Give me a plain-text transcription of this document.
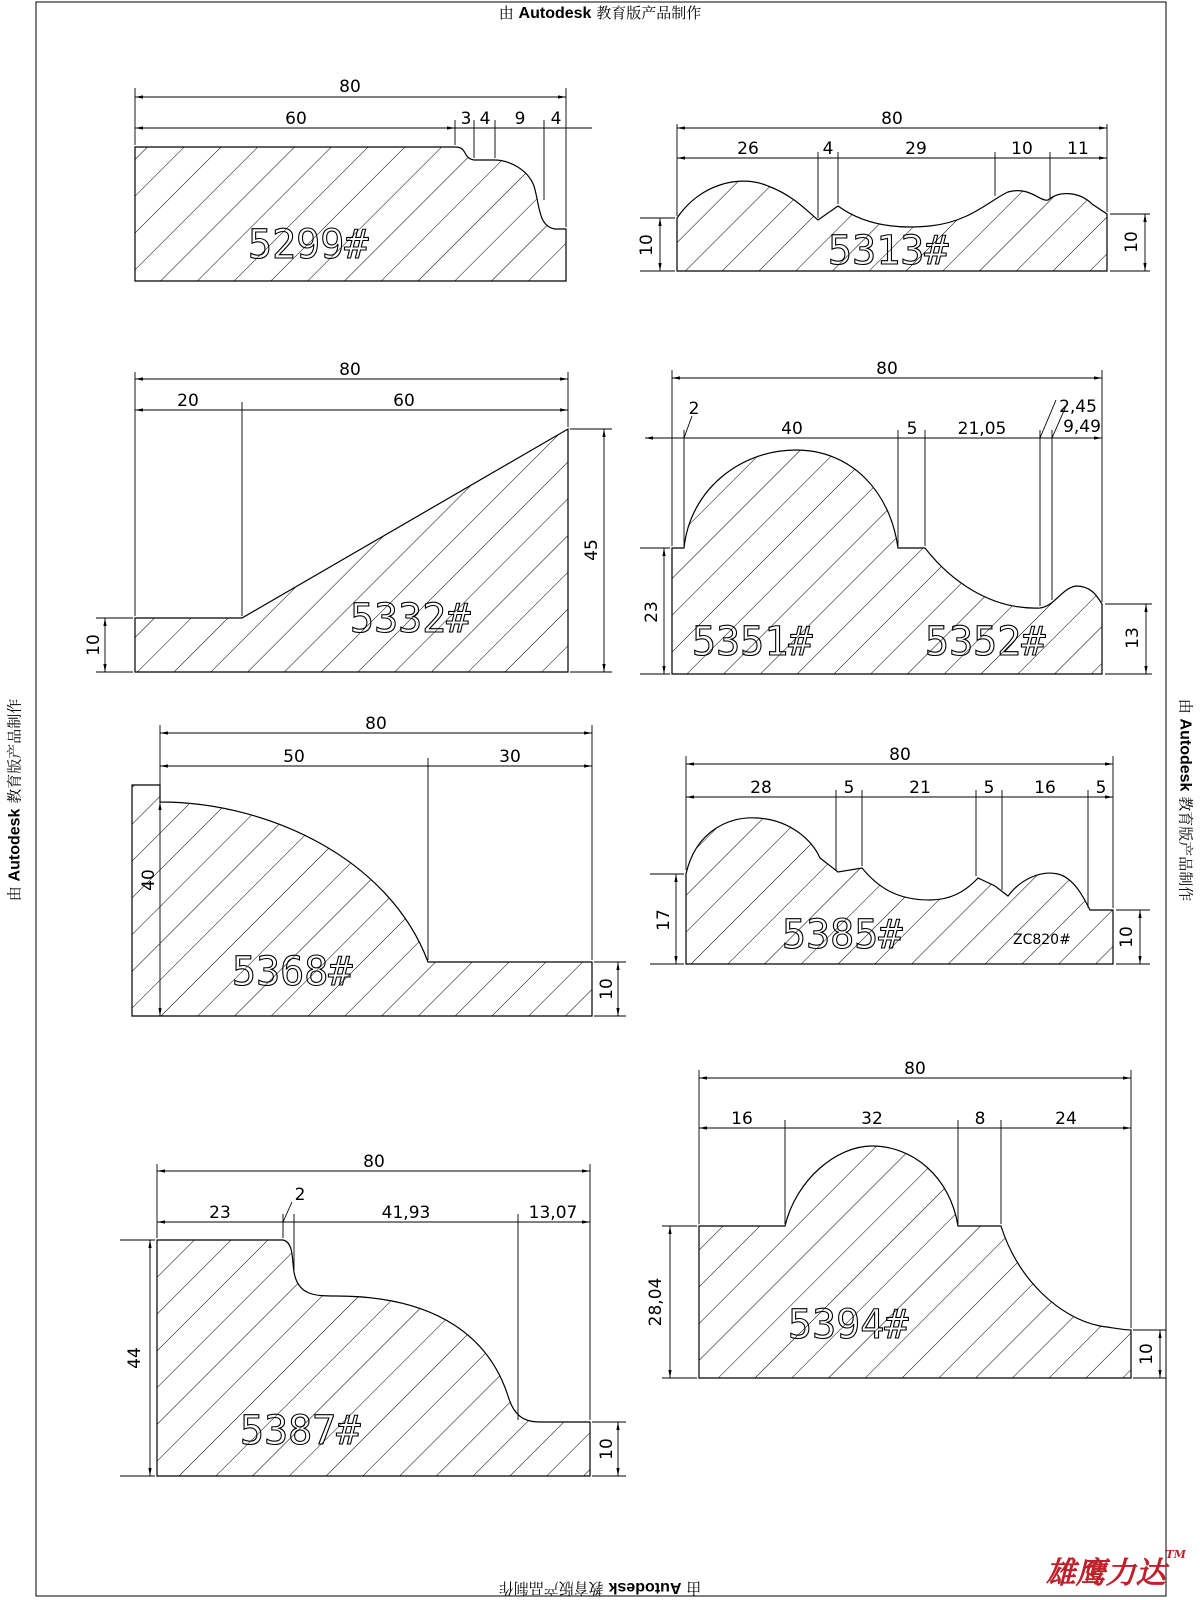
80
60	3 4 9 4
5299#
80
26	4	29	10 11
10	10
5313#
80
20	60
45
10
5332#
80
2
40	5 21,05
2,45
9,49
23
13
5351#	5352#
80
50	30
40
10
5368#
80
28	5	21	5 16 5
17
10
5385#	ZC820#
80
23
2
41,93	13,07
44
10
5387#
80
16	32	8	24
28,04
10
5394#
由 Autodesk 教育版产品制作
由 Autodesk 教育版产品制作
由 Autodesk 教育版产品制作	由 Autodesk 教育版产品制作
雄鹰力达™
